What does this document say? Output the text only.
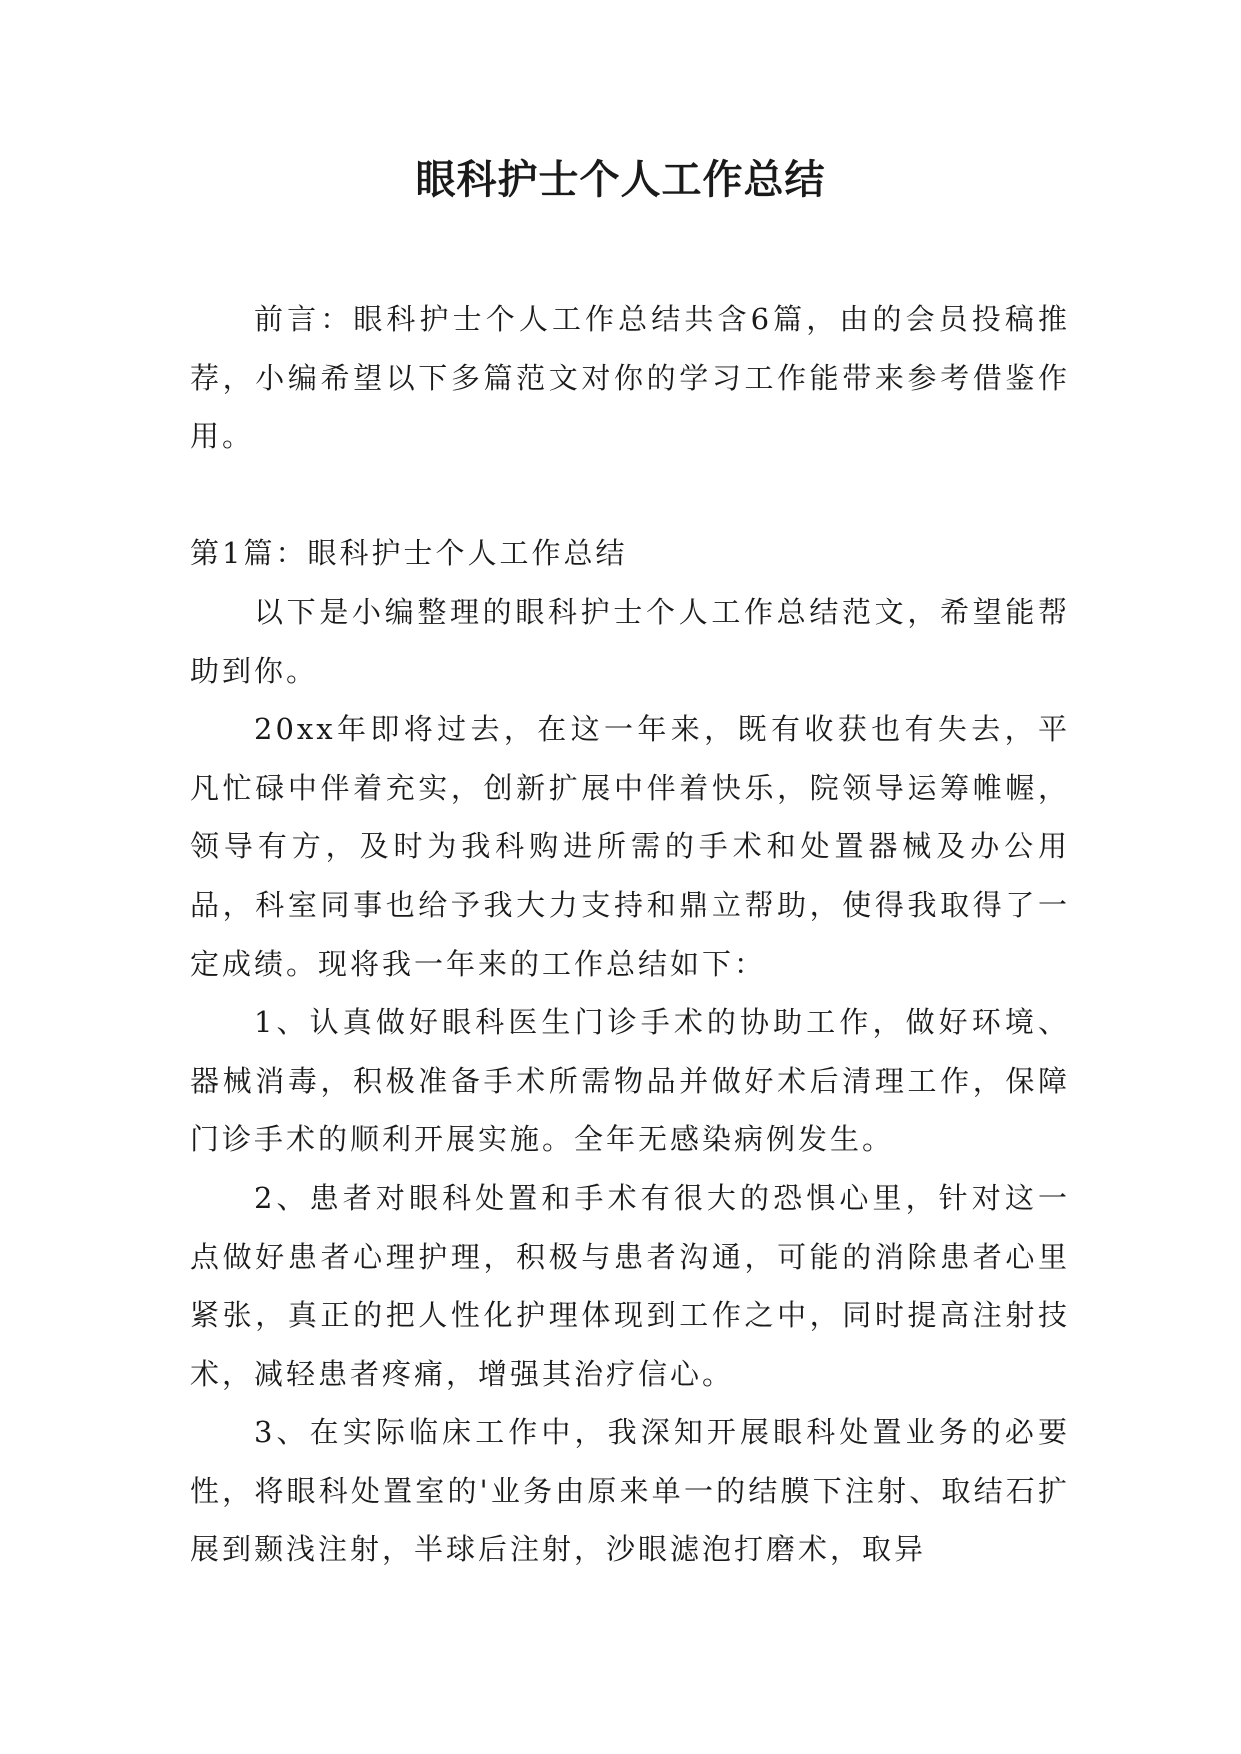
眼科护士个人工作总结

前言：眼科护士个人工作总结共含6篇，由的会员投稿推荐，小编希望以下多篇范文对你的学习工作能带来参考借鉴作用。

第1篇：眼科护士个人工作总结

以下是小编整理的眼科护士个人工作总结范文，希望能帮助到你。

20xx年即将过去，在这一年来，既有收获也有失去，平凡忙碌中伴着充实，创新扩展中伴着快乐，院领导运筹帷幄，领导有方，及时为我科购进所需的手术和处置器械及办公用品，科室同事也给予我大力支持和鼎立帮助，使得我取得了一定成绩。现将我一年来的工作总结如下：

1、认真做好眼科医生门诊手术的协助工作，做好环境、器械消毒，积极准备手术所需物品并做好术后清理工作，保障门诊手术的顺利开展实施。全年无感染病例发生。

2、患者对眼科处置和手术有很大的恐惧心里，针对这一点做好患者心理护理，积极与患者沟通，可能的消除患者心里紧张，真正的把人性化护理体现到工作之中，同时提高注射技术，减轻患者疼痛，增强其治疗信心。

3、在实际临床工作中，我深知开展眼科处置业务的必要性，将眼科处置室的'业务由原来单一的结膜下注射、取结石扩展到颞浅注射，半球后注射，沙眼滤泡打磨术，取异
